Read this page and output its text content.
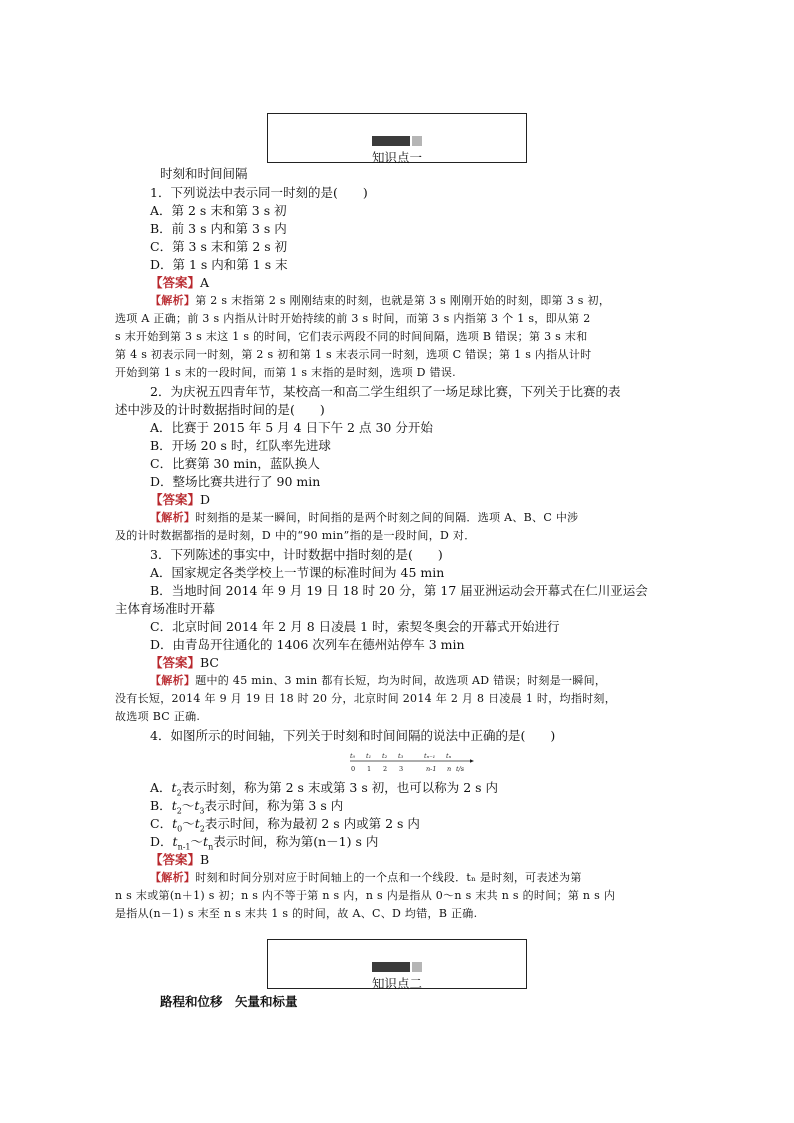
知识点一
时刻和时间间隔
1．下列说法中表示同一时刻的是(　　)
A．第 2 s 末和第 3 s 初
B．前 3 s 内和第 3 s 内
C．第 3 s 末和第 2 s 初
D．第 1 s 内和第 1 s 末
【答案】A
【解析】第 2 s 末指第 2 s 刚刚结束的时刻，也就是第 3 s 刚刚开始的时刻，即第 3 s 初，
选项 A 正确；前 3 s 内指从计时开始持续的前 3 s 时间，而第 3 s 内指第 3 个 1 s，即从第 2
s 末开始到第 3 s 末这 1 s 的时间，它们表示两段不同的时间间隔，选项 B 错误；第 3 s 末和
第 4 s 初表示同一时刻，第 2 s 初和第 1 s 末表示同一时刻，选项 C 错误；第 1 s 内指从计时
开始到第 1 s 末的一段时间，而第 1 s 末指的是时刻，选项 D 错误.
2．为庆祝五四青年节，某校高一和高二学生组织了一场足球比赛，下列关于比赛的表
述中涉及的计时数据指时间的是(　　)
A．比赛于 2015 年 5 月 4 日下午 2 点 30 分开始
B．开场 20 s 时，红队率先进球
C．比赛第 30 min，蓝队换人
D．整场比赛共进行了 90 min
【答案】D
【解析】时刻指的是某一瞬间，时间指的是两个时刻之间的间隔．选项 A、B、C 中涉
及的计时数据都指的是时刻，D 中的“90 min”指的是一段时间，D 对．
3．下列陈述的事实中，计时数据中指时刻的是(　　)
A．国家规定各类学校上一节课的标准时间为 45 min
B．当地时间 2014 年 9 月 19 日 18 时 20 分，第 17 届亚洲运动会开幕式在仁川亚运会
主体育场准时开幕
C．北京时间 2014 年 2 月 8 日凌晨 1 时，索契冬奥会的开幕式开始进行
D．由青岛开往通化的 1406 次列车在德州站停车 3 min
【答案】BC
【解析】题中的 45 min、3 min 都有长短，均为时间，故选项 AD 错误；时刻是一瞬间，
没有长短，2014 年 9 月 19 日 18 时 20 分，北京时间 2014 年 2 月 8 日凌晨 1 时，均指时刻，
故选项 BC 正确.
4．如图所示的时间轴，下列关于时刻和时间间隔的说法中正确的是(　　)
t₀ t₁ t₂ t₃	tₙ₋₁ tₙ
0 1 2 3	n-1 n t/s
A．$t_2$表示时刻，称为第 2 s 末或第 3 s 初，也可以称为 2 s 内
B．$t_2\sim t_3$表示时间，称为第 3 s 内
C．$t_0\sim t_2$表示时间，称为最初 2 s 内或第 2 s 内
D．$t_{n-1}\sim t_n$表示时间，称为第(n－1) s 内
【答案】B
【解析】时刻和时间分别对应于时间轴上的一个点和一个线段．tₙ 是时刻，可表述为第
n s 末或第(n＋1) s 初；n s 内不等于第 n s 内，n s 内是指从 0～n s 末共 n s 的时间；第 n s 内
是指从(n－1) s 末至 n s 末共 1 s 的时间，故 A、C、D 均错，B 正确.
知识点二
路程和位移　矢量和标量
